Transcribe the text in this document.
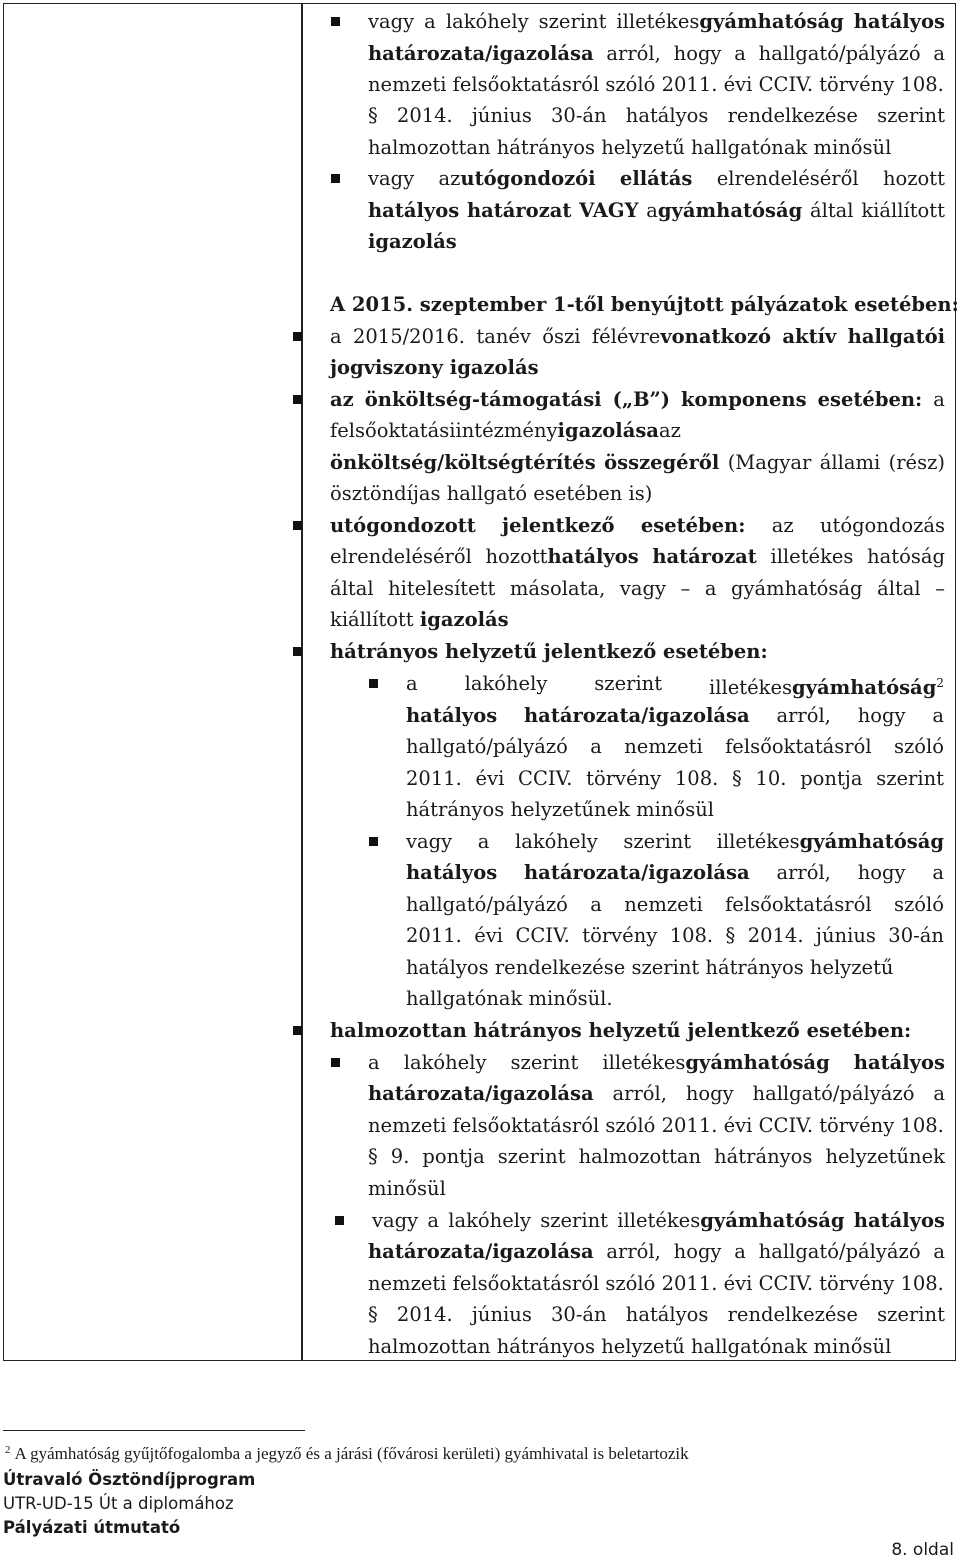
vagy a lakóhely szerint illetékesgyámhatóság hatályos
határozata/igazolása arról, hogy a hallgató/pályázó a
nemzeti felsőoktatásról szóló 2011. évi CCIV. törvény 108.
§ 2014. június 30-án hatályos rendelkezése szerint
halmozottan hátrányos helyzetű hallgatónak minősül
vagy azutógondozói ellátás elrendeléséről hozott
hatályos határozat VAGY agyámhatóság által kiállított
igazolás
A 2015. szeptember 1-től benyújtott pályázatok esetében:
a 2015/2016. tanév őszi félévrevonatkozó aktív hallgatói
jogviszony igazolás
az önköltség-támogatási („B”) komponens esetében: a
felsőoktatásiintézményigazolásaaz
önköltség/költségtérítés összegéről (Magyar állami (rész)
ösztöndíjas hallgató esetében is)
utógondozott jelentkező esetében: az utógondozás
elrendeléséről hozotthatályos határozat illetékes hatóság
által hitelesített másolata, vagy – a gyámhatóság által –
kiállított igazolás
hátrányos helyzetű jelentkező esetében:
a lakóhely szerint illetékesgyámhatóság$^2$
hatályos határozata/igazolása arról, hogy a
hallgató/pályázó a nemzeti felsőoktatásról szóló
2011. évi CCIV. törvény 108. § 10. pontja szerint
hátrányos helyzetűnek minősül
vagy a lakóhely szerint illetékesgyámhatóság
hatályos határozata/igazolása arról, hogy a
hallgató/pályázó a nemzeti felsőoktatásról szóló
2011. évi CCIV. törvény 108. § 2014. június 30-án
hatályos rendelkezése szerint hátrányos helyzetű
hallgatónak minősül.
halmozottan hátrányos helyzetű jelentkező esetében:
a lakóhely szerint illetékesgyámhatóság hatályos
határozata/igazolása arról, hogy hallgató/pályázó a
nemzeti felsőoktatásról szóló 2011. évi CCIV. törvény 108.
§ 9. pontja szerint halmozottan hátrányos helyzetűnek
minősül
vagy a lakóhely szerint illetékesgyámhatóság hatályos
határozata/igazolása arról, hogy a hallgató/pályázó a
nemzeti felsőoktatásról szóló 2011. évi CCIV. törvény 108.
§ 2014. június 30-án hatályos rendelkezése szerint
halmozottan hátrányos helyzetű hallgatónak minősül
$^2$ A gyámhatóság gyűjtőfogalomba a jegyző és a járási (fővárosi kerületi) gyámhivatal is beletartozik
Útravaló Ösztöndíjprogram
UTR-UD-15 Út a diplomához
Pályázati útmutató
8. oldal
